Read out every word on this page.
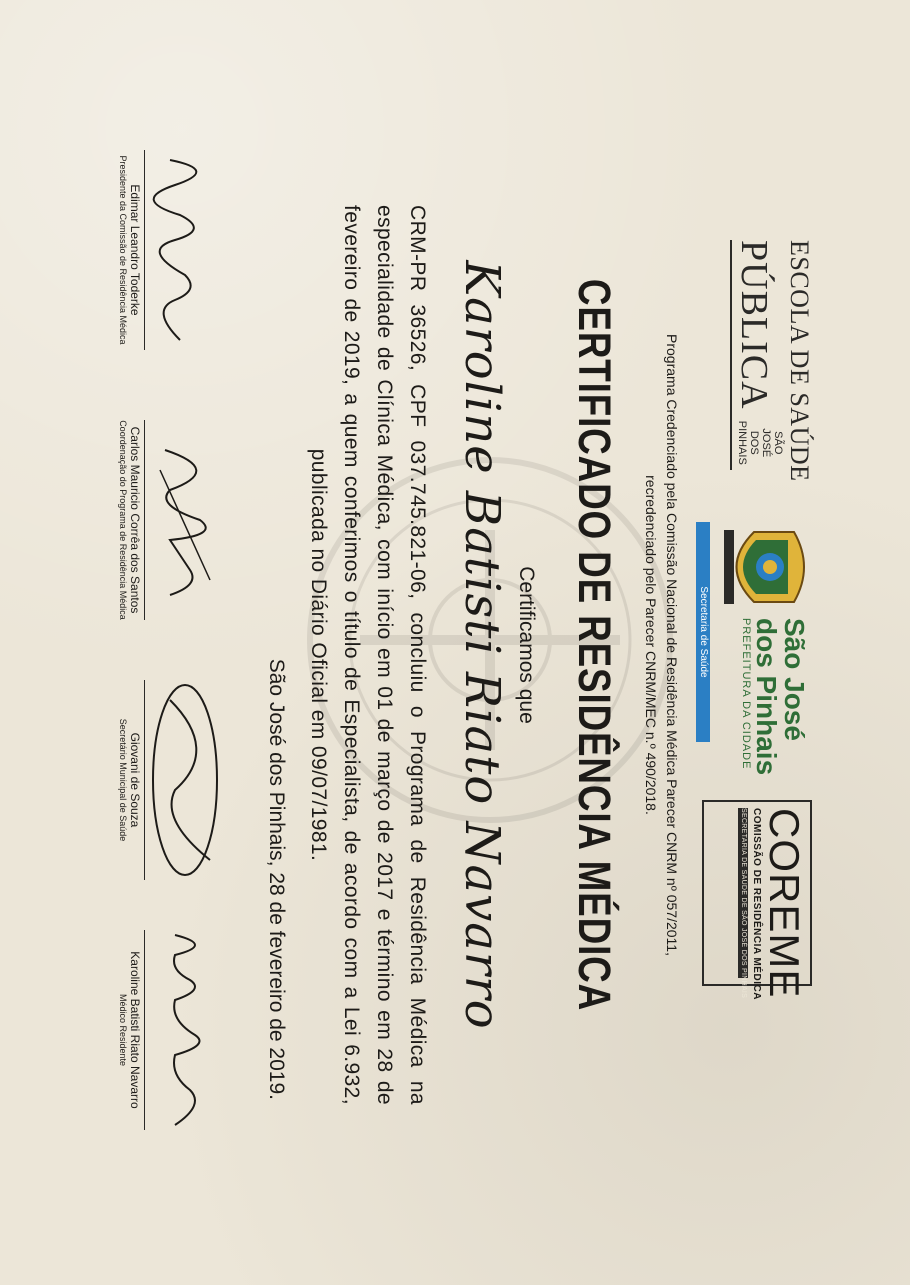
ESCOLA DE SAÚDE
PÚBLICA
SÃO JOSÉ
DOS PINHAIS
São José
dos Pinhais
PREFEITURA DA CIDADE
Secretaria de Saúde
COREME
COMISSÃO DE RESIDÊNCIA MÉDICA
SECRETARIA DE SAÚDE DE SÃO JOSÉ DOS PINHAIS
Programa Credenciado pela Comissão Nacional de Residência Médica Parecer CNRM nº 057/2011,
recredenciado pelo Parecer CNRM/MEC n.º 490/2018.
CERTIFICADO DE RESIDÊNCIA MÉDICA
Certificamos que
Karoline Batisti Riato Navarro
CRM-PR 36526, CPF 037.745.821-06, concluiu o Programa de Residência Médica na especialidade de Clínica Médica, com início em 01 de março de 2017 e término em 28 de fevereiro de 2019, a quem conferimos o título de Especialista, de acordo com a Lei 6.932, publicada no Diário Oficial em 09/07/1981.
São José dos Pinhais, 28 de fevereiro de 2019.
Edimar Leandro Toderke
Presidente da Comissão de Residência Médica
Carlos Mauricio Corrêa dos Santos
Coordenação do Programa de Residência Médica
Giovani de Souza
Secretário Municipal de Saúde
Karoline Batisti Riato Navarro
Médico Residente
